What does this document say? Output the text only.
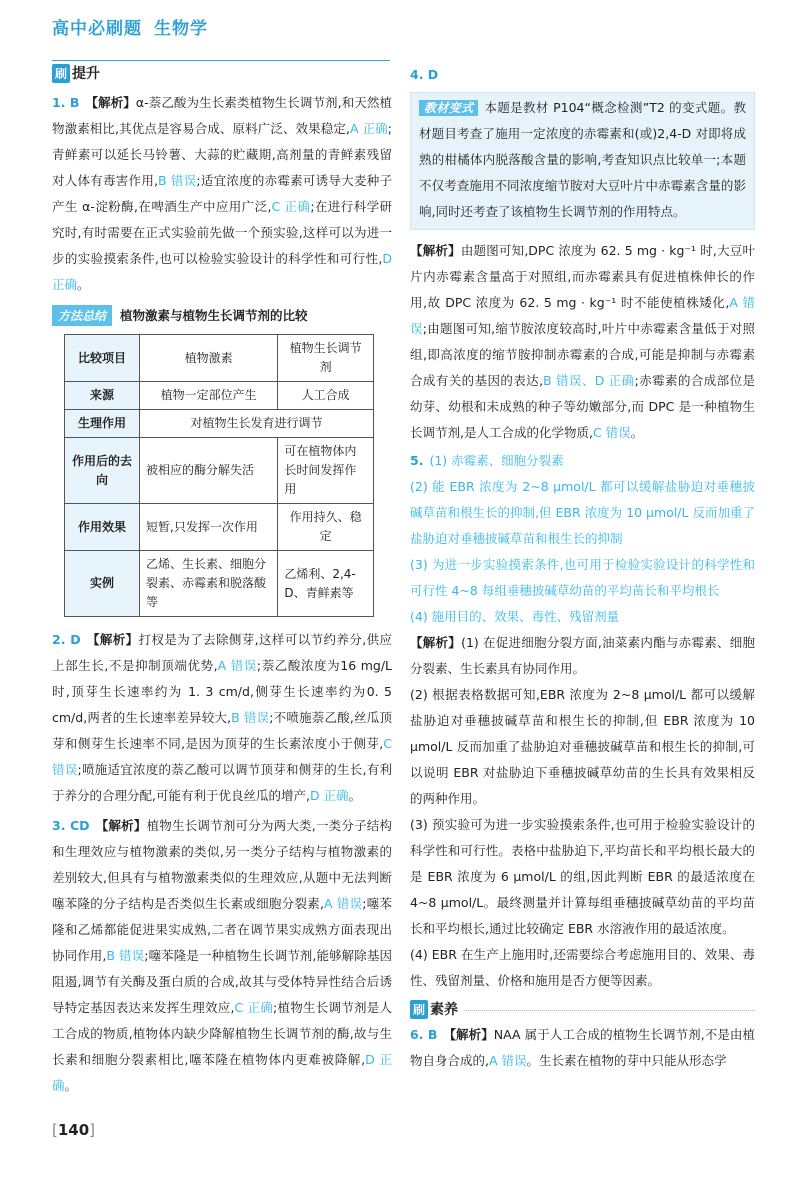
高中必刷题 生物学
刷 提升

1. B 【解析】α-萘乙酸为生长素类植物生长调节剂,和天然植物激素相比,其优点是容易合成、原料广泛、效果稳定,A 正确;青鲜素可以延长马铃薯、大蒜的贮藏期,高剂量的青鲜素残留对人体有毒害作用,B 错误;适宜浓度的赤霉素可诱导大麦种子产生 α-淀粉酶,在啤酒生产中应用广泛,C 正确;在进行科学研究时,有时需要在正式实验前先做一个预实验,这样可以为进一步的实验摸索条件,也可以检验实验设计的科学性和可行性,D 正确。

方法总结	植物激素与植物生长调节剂的比较
比较项目	植物激素	植物生长调节剂
来源	植物一定部位产生	人工合成
生理作用	对植物生长发育进行调节	
作用后的去向	被相应的酶分解失活	可在植物体内长时间发挥作用
作用效果	短暂,只发挥一次作用	作用持久、稳定
实例	乙烯、生长素、细胞分裂素、赤霉素和脱落酸等	乙烯利、2,4-D、青鲜素等

2. D 【解析】打杈是为了去除侧芽,这样可以节约养分,供应上部生长,不是抑制顶端优势,A 错误;萘乙酸浓度为16 mg/L时,顶芽生长速率约为 1. 3 cm/d,侧芽生长速率约为0. 5 cm/d,两者的生长速率差异较大,B 错误;不喷施萘乙酸,丝瓜顶芽和侧芽生长速率不同,是因为顶芽的生长素浓度小于侧芽,C 错误;喷施适宜浓度的萘乙酸可以调节顶芽和侧芽的生长,有利于养分的合理分配,可能有利于优良丝瓜的增产,D 正确。

3. CD 【解析】植物生长调节剂可分为两大类,一类分子结构和生理效应与植物激素的类似,另一类分子结构与植物激素的差别较大,但具有与植物激素类似的生理效应,从题中无法判断噻苯隆的分子结构是否类似生长素或细胞分裂素,A 错误;噻苯隆和乙烯都能促进果实成熟,二者在调节果实成熟方面表现出协同作用,B 错误;噻苯隆是一种植物生长调节剂,能够解除基因阻遏,调节有关酶及蛋白质的合成,故其与受体特异性结合后诱导特定基因表达来发挥生理效应,C 正确;植物生长调节剂是人工合成的物质,植物体内缺少降解植物生长调节剂的酶,故与生长素和细胞分裂素相比,噻苯隆在植物体内更难被降解,D 正确。

[140]

4. D

教材变式 本题是教材 P104“概念检测”T2 的变式题。教材题目考查了施用一定浓度的赤霉素和(或)2,4-D 对即将成熟的柑橘体内脱落酸含量的影响,考查知识点比较单一;本题不仅考查施用不同浓度缩节胺对大豆叶片中赤霉素含量的影响,同时还考查了该植物生长调节剂的作用特点。

【解析】由题图可知,DPC 浓度为 62. 5 mg · kg⁻¹ 时,大豆叶片内赤霉素含量高于对照组,而赤霉素具有促进植株伸长的作用,故 DPC 浓度为 62. 5 mg · kg⁻¹ 时不能使植株矮化,A 错误;由题图可知,缩节胺浓度较高时,叶片中赤霉素含量低于对照组,即高浓度的缩节胺抑制赤霉素的合成,可能是抑制与赤霉素合成有关的基因的表达,B 错误、D 正确;赤霉素的合成部位是幼芽、幼根和未成熟的种子等幼嫩部分,而 DPC 是一种植物生长调节剂,是人工合成的化学物质,C 错误。

5. (1) 赤霉素、细胞分裂素

(2) 能 EBR 浓度为 2~8 μmol/L 都可以缓解盐胁迫对垂穗披碱草苗和根生长的抑制,但 EBR 浓度为 10 μmol/L 反而加重了盐胁迫对垂穗披碱草苗和根生长的抑制

(3) 为进一步实验摸索条件,也可用于检验实验设计的科学性和可行性 4~8 每组垂穗披碱草幼苗的平均苗长和平均根长

(4) 施用目的、效果、毒性、残留剂量

【解析】(1) 在促进细胞分裂方面,油菜素内酯与赤霉素、细胞分裂素、生长素具有协同作用。

(2) 根据表格数据可知,EBR 浓度为 2~8 μmol/L 都可以缓解盐胁迫对垂穗披碱草苗和根生长的抑制,但 EBR 浓度为 10 μmol/L 反而加重了盐胁迫对垂穗披碱草苗和根生长的抑制,可以说明 EBR 对盐胁迫下垂穗披碱草幼苗的生长具有效果相反的两种作用。

(3) 预实验可为进一步实验摸索条件,也可用于检验实验设计的科学性和可行性。表格中盐胁迫下,平均苗长和平均根长最大的是 EBR 浓度为 6 μmol/L 的组,因此判断 EBR 的最适浓度在 4~8 μmol/L。最终测量并计算每组垂穗披碱草幼苗的平均苗长和平均根长,通过比较确定 EBR 水溶液作用的最适浓度。

(4) EBR 在生产上施用时,还需要综合考虑施用目的、效果、毒性、残留剂量、价格和施用是否方便等因素。

刷 素养

6. B 【解析】NAA 属于人工合成的植物生长调节剂,不是由植物自身合成的,A 错误。生长素在植物的芽中只能从形态学
